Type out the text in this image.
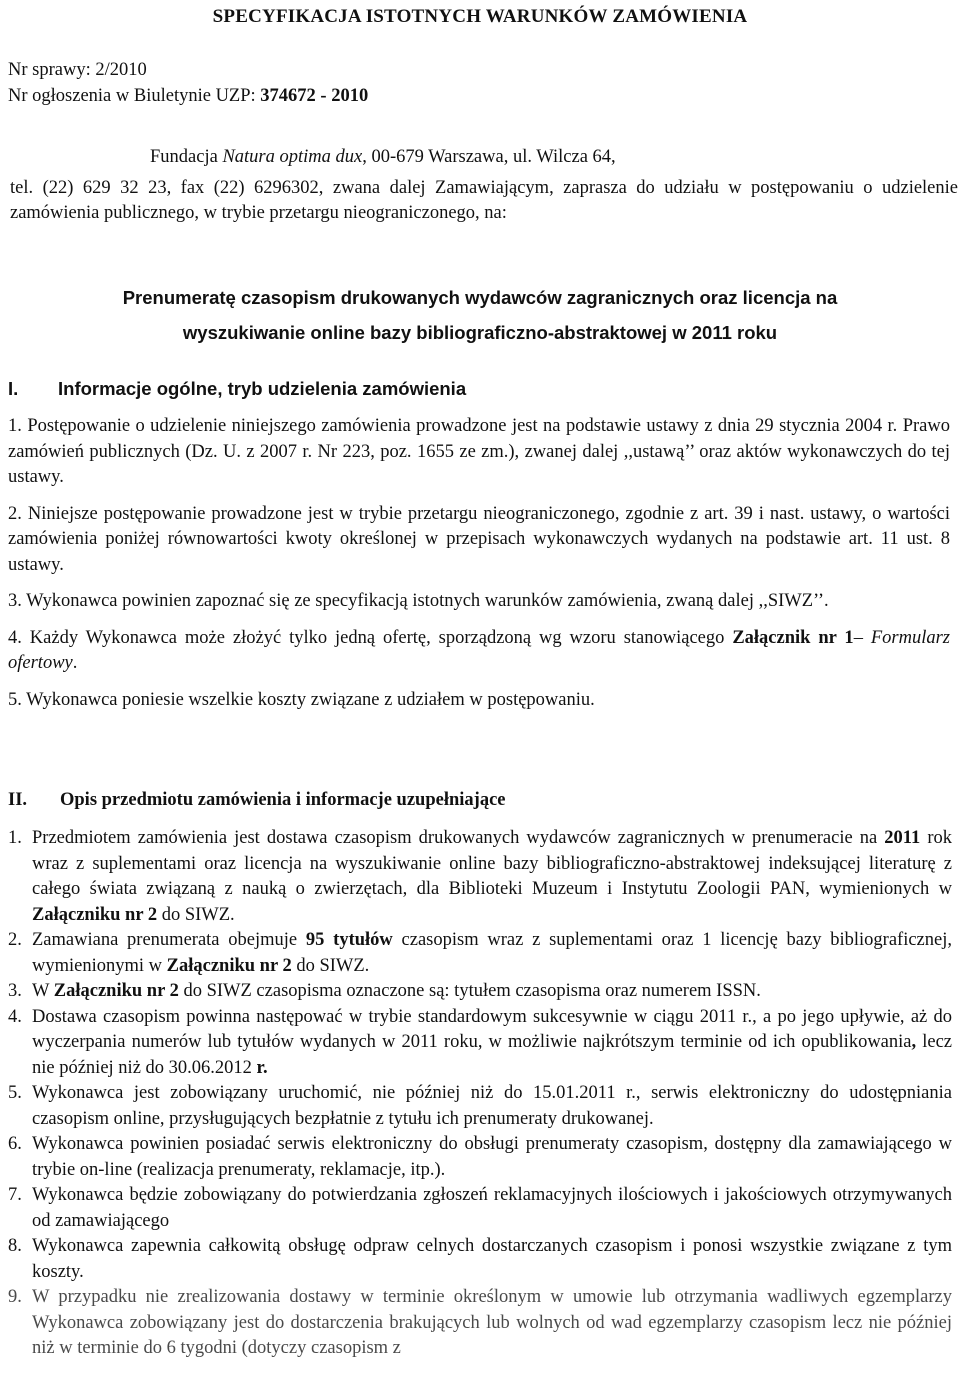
SPECYFIKACJA ISTOTNYCH WARUNKÓW ZAMÓWIENIA
Nr sprawy: 2/2010
Nr ogłoszenia w Biuletynie UZP: 374672 - 2010
Fundacja Natura optima dux, 00-679 Warszawa, ul. Wilcza 64,
tel. (22) 629 32 23, fax (22) 6296302, zwana dalej Zamawiającym, zaprasza do udziału w postępowaniu o udzielenie zamówienia publicznego, w trybie przetargu nieograniczonego, na:
Prenumeratę czasopism drukowanych wydawców zagranicznych oraz licencja na
wyszukiwanie online bazy bibliograficzno-abstraktowej w 2011 roku
I. Informacje ogólne, tryb udzielenia zamówienia
1. Postępowanie o udzielenie niniejszego zamówienia prowadzone jest na podstawie ustawy z dnia 29 stycznia 2004 r. Prawo zamówień publicznych (Dz. U. z 2007 r. Nr 223, poz. 1655 ze zm.), zwanej dalej ,,ustawą’’ oraz aktów wykonawczych do tej ustawy.
2. Niniejsze postępowanie prowadzone jest w trybie przetargu nieograniczonego, zgodnie z art. 39 i nast. ustawy, o wartości zamówienia poniżej równowartości kwoty określonej w przepisach wykonawczych wydanych na podstawie art. 11 ust. 8 ustawy.
3. Wykonawca powinien zapoznać się ze specyfikacją istotnych warunków zamówienia, zwaną dalej ,,SIWZ’’.
4. Każdy Wykonawca może złożyć tylko jedną ofertę, sporządzoną wg wzoru stanowiącego Załącznik nr 1– Formularz ofertowy.
5. Wykonawca poniesie wszelkie koszty związane z udziałem w postępowaniu.
II. Opis przedmiotu zamówienia i informacje uzupełniające
1. Przedmiotem zamówienia jest dostawa czasopism drukowanych wydawców zagranicznych w prenumeracie na 2011 rok wraz z suplementami oraz licencja na wyszukiwanie online bazy bibliograficzno-abstraktowej indeksującej literaturę z całego świata związaną z nauką o zwierzętach, dla Biblioteki Muzeum i Instytutu Zoologii PAN, wymienionych w Załączniku nr 2 do SIWZ.
2. Zamawiana prenumerata obejmuje 95 tytułów czasopism wraz z suplementami oraz 1 licencję bazy bibliograficznej, wymienionymi w Załączniku nr 2 do SIWZ.
3. W Załączniku nr 2 do SIWZ czasopisma oznaczone są: tytułem czasopisma oraz numerem ISSN.
4. Dostawa czasopism powinna następować w trybie standardowym sukcesywnie w ciągu 2011 r., a po jego upływie, aż do wyczerpania numerów lub tytułów wydanych w 2011 roku, w możliwie najkrótszym terminie od ich opublikowania, lecz nie później niż do 30.06.2012 r.
5. Wykonawca jest zobowiązany uruchomić, nie później niż do 15.01.2011 r., serwis elektroniczny do udostępniania czasopism online, przysługujących bezpłatnie z tytułu ich prenumeraty drukowanej.
6. Wykonawca powinien posiadać serwis elektroniczny do obsługi prenumeraty czasopism, dostępny dla zamawiającego w trybie on-line (realizacja prenumeraty, reklamacje, itp.).
7. Wykonawca będzie zobowiązany do potwierdzania zgłoszeń reklamacyjnych ilościowych i jakościowych otrzymywanych od zamawiającego
8. Wykonawca zapewnia całkowitą obsługę odpraw celnych dostarczanych czasopism i ponosi wszystkie związane z tym koszty.
9. W przypadku nie zrealizowania dostawy w terminie określonym w umowie lub otrzymania wadliwych egzemplarzy Wykonawca zobowiązany jest do dostarczenia brakujących lub wolnych od wad egzemplarzy czasopism lecz nie później niż w terminie do 6 tygodni (dotyczy czasopism z
